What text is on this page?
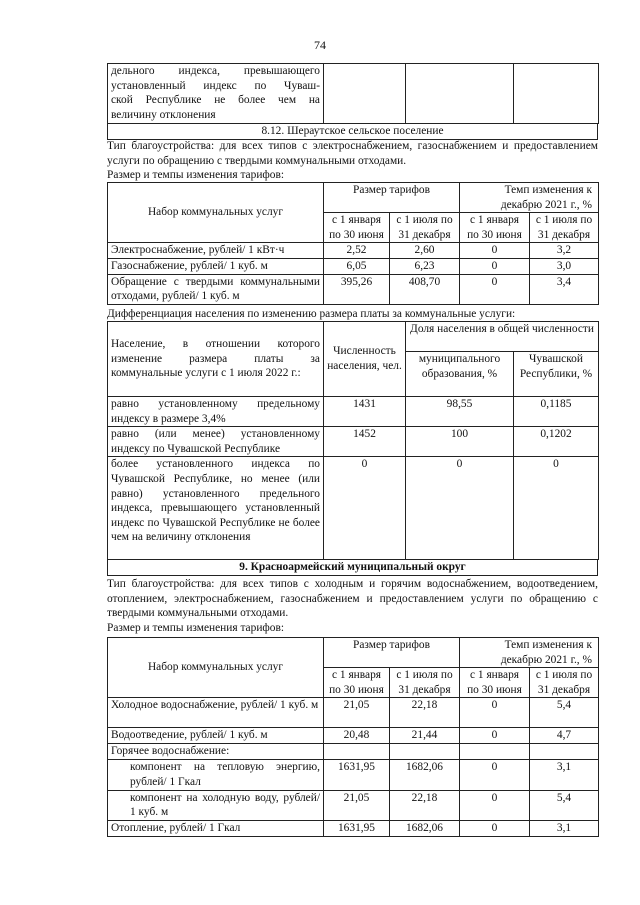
74
дельного индекса, превышающего
установленный индекс по Чуваш-
ской Республике не более чем на
величину отклонения

8.12. Шераутское сельское поселение
Тип благоустройства: для всех типов с электроснабжением, газоснабжением и предоставлением услуги по обращению с твердыми коммунальными отходами.
Размер и темпы изменения тарифов:
Набор коммунальных услуг	Размер тарифов		Темп изменения к декабрю 2021 г., %	
	с 1 января по 30 июня	с 1 июля по 31 декабря	с 1 января по 30 июня	с 1 июля по 31 декабря
Электроснабжение, рублей/ 1 кВт·ч	2,52	2,60	0	3,2
Газоснабжение, рублей/ 1 куб. м	6,05	6,23	0	3,0
Обращение с твердыми коммунальными отходами, рублей/ 1 куб. м	395,26	408,70	0	3,4
Дифференциация населения по изменению размера платы за коммунальные услуги:
Население, в отношении которого изменение размера платы за коммунальные услуги с 1 июля 2022 г.:	Численность населения, чел.	Доля населения в общей численности	
		муниципального образования, %	Чувашской Республики, %
равно установленному предельному индексу в размере 3,4%	1431	98,55	0,1185
равно (или менее) установленному индексу по Чувашской Республике	1452	100	0,1202
более установленного индекса по Чувашской Республике, но менее (или равно) установленного предельного индекса, превышающего установленный индекс по Чувашской Республике не более чем на величину отклонения	0	0	0
9. Красноармейский муниципальный округ
Тип благоустройства: для всех типов с холодным и горячим водоснабжением, водоотведением, отоплением, электроснабжением, газоснабжением и предоставлением услуги по обращению с твердыми коммунальными отходами.
Размер и темпы изменения тарифов:
Набор коммунальных услуг	Размер тарифов		Темп изменения к декабрю 2021 г., %	
	с 1 января по 30 июня	с 1 июля по 31 декабря	с 1 января по 30 июня	с 1 июля по 31 декабря
Холодное водоснабжение, рублей/ 1 куб. м	21,05	22,18	0	5,4
Водоотведение, рублей/ 1 куб. м	20,48	21,44	0	4,7
Горячее водоснабжение:				
компонент на тепловую энергию, рублей/ 1 Гкал	1631,95	1682,06	0	3,1
компонент на холодную воду, рублей/ 1 куб. м	21,05	22,18	0	5,4
Отопление, рублей/ 1 Гкал	1631,95	1682,06	0	3,1
